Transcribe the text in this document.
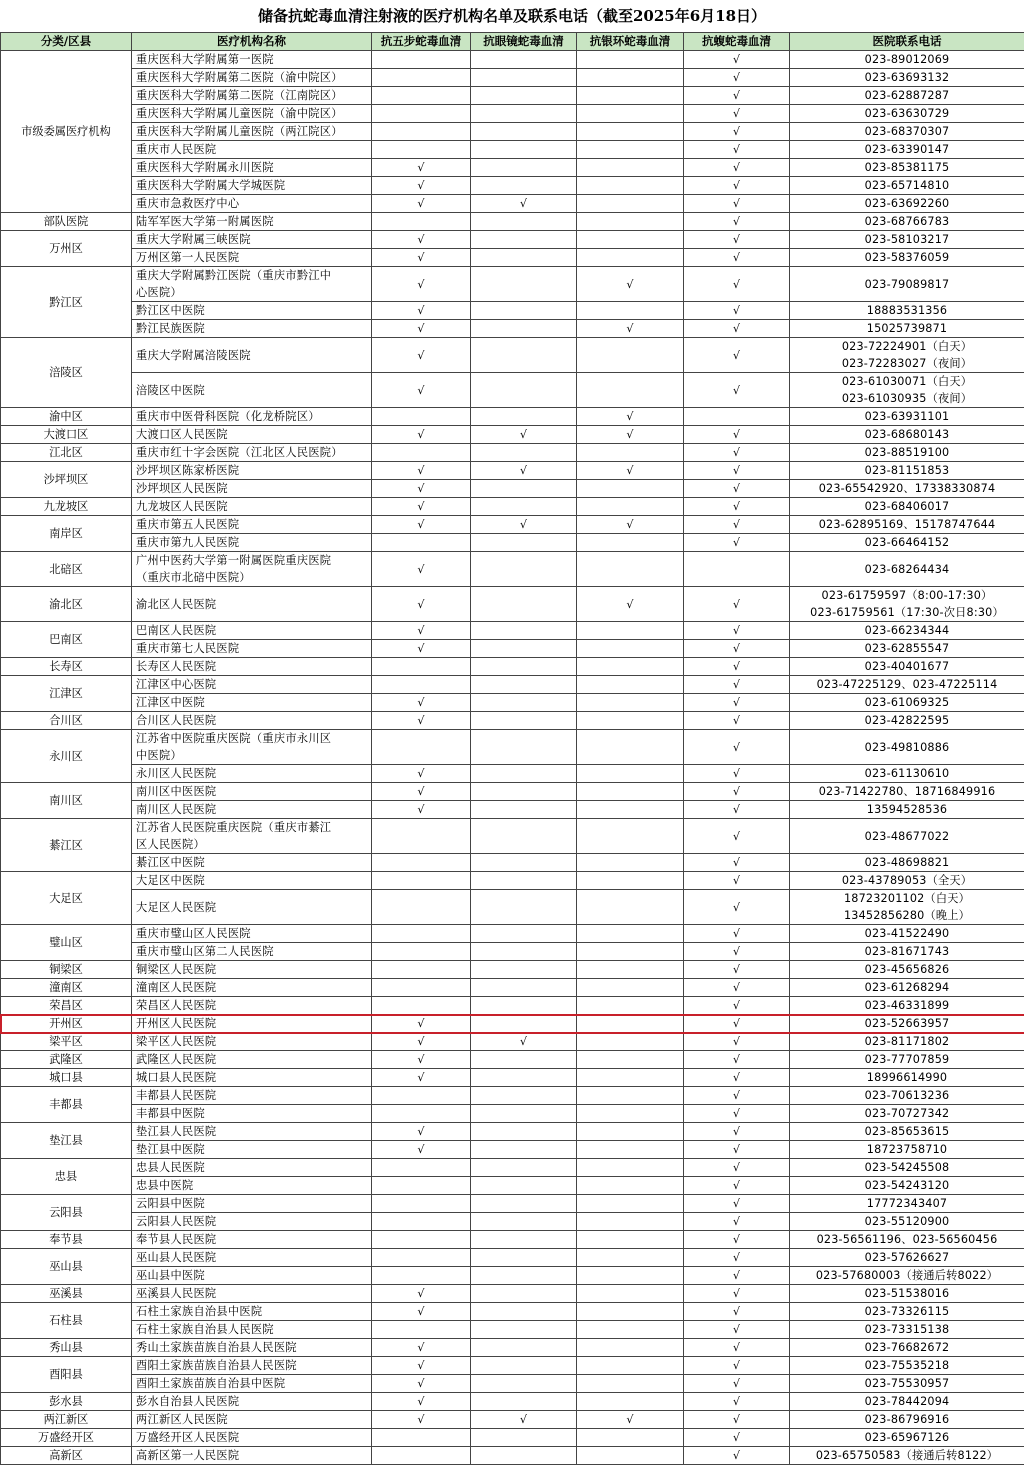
储备抗蛇毒血清注射液的医疗机构名单及联系电话（截至2025年6月18日）
分类/区县	医疗机构名称	抗五步蛇毒血清	抗眼镜蛇毒血清	抗银环蛇毒血清	抗蝮蛇毒血清	医院联系电话
市级委属医疗机构	重庆医科大学附属第一医院				√	023-89012069

	重庆医科大学附属第二医院（渝中院区）				√	023-63693132

	重庆医科大学附属第二医院（江南院区）				√	023-62887287

	重庆医科大学附属儿童医院（渝中院区）				√	023-63630729

	重庆医科大学附属儿童医院（两江院区）				√	023-68370307

	重庆市人民医院				√	023-63390147

	重庆医科大学附属永川医院	√			√	023-85381175

	重庆医科大学附属大学城医院	√			√	023-65714810

	重庆市急救医疗中心	√	√		√	023-63692260

部队医院	陆军军医大学第一附属医院				√	023-68766783

万州区	重庆大学附属三峡医院	√			√	023-58103217

	万州区第一人民医院	√			√	023-58376059

黔江区	重庆大学附属黔江医院（重庆市黔江中
心医院）	√		√	√	023-79089817

	黔江区中医院	√			√	18883531356

	黔江民族医院	√		√	√	15025739871

涪陵区	重庆大学附属涪陵医院	√			√	023-72224901（白天）
023-72283027（夜间）

	涪陵区中医院	√			√	023-61030071（白天）
023-61030935（夜间）

渝中区	重庆市中医骨科医院（化龙桥院区）			√		023-63931101

大渡口区	大渡口区人民医院	√	√	√	√	023-68680143

江北区	重庆市红十字会医院（江北区人民医院）				√	023-88519100

沙坪坝区	沙坪坝区陈家桥医院	√	√	√	√	023-81151853

	沙坪坝区人民医院	√			√	023-65542920、17338330874

九龙坡区	九龙坡区人民医院	√			√	023-68406017

南岸区	重庆市第五人民医院	√	√	√	√	023-62895169、15178747644

	重庆市第九人民医院				√	023-66464152

北碚区	广州中医药大学第一附属医院重庆医院
（重庆市北碚中医院）	√				023-68264434

渝北区	渝北区人民医院	√		√	√	023-61759597（8:00-17:30）
023-61759561（17:30-次日8:30）

巴南区	巴南区人民医院	√			√	023-66234344

	重庆市第七人民医院	√			√	023-62855547

长寿区	长寿区人民医院				√	023-40401677

江津区	江津区中心医院				√	023-47225129、023-47225114

	江津区中医院	√			√	023-61069325

合川区	合川区人民医院	√			√	023-42822595

永川区	江苏省中医院重庆医院（重庆市永川区
中医院）				√	023-49810886

	永川区人民医院	√			√	023-61130610

南川区	南川区中医医院	√			√	023-71422780、18716849916

	南川区人民医院	√			√	13594528536

綦江区	江苏省人民医院重庆医院（重庆市綦江
区人民医院）				√	023-48677022

	綦江区中医院				√	023-48698821

大足区	大足区中医院				√	023-43789053（全天）

	大足区人民医院				√	18723201102（白天）
13452856280（晚上）

璧山区	重庆市璧山区人民医院				√	023-41522490

	重庆市璧山区第二人民医院				√	023-81671743

铜梁区	铜梁区人民医院				√	023-45656826

潼南区	潼南区人民医院				√	023-61268294

荣昌区	荣昌区人民医院				√	023-46331899

开州区	开州区人民医院	√			√	023-52663957

梁平区	梁平区人民医院	√	√		√	023-81171802

武隆区	武隆区人民医院	√			√	023-77707859

城口县	城口县人民医院	√			√	18996614990

丰都县	丰都县人民医院				√	023-70613236

	丰都县中医院				√	023-70727342

垫江县	垫江县人民医院	√			√	023-85653615

	垫江县中医院	√			√	18723758710

忠县	忠县人民医院				√	023-54245508

	忠县中医院				√	023-54243120

云阳县	云阳县中医院				√	17772343407

	云阳县人民医院				√	023-55120900

奉节县	奉节县人民医院				√	023-56561196、023-56560456

巫山县	巫山县人民医院				√	023-57626627

	巫山县中医院				√	023-57680003（接通后转8022）

巫溪县	巫溪县人民医院	√			√	023-51538016

石柱县	石柱土家族自治县中医院	√			√	023-73326115

	石柱土家族自治县人民医院				√	023-73315138

秀山县	秀山土家族苗族自治县人民医院	√			√	023-76682672

酉阳县	酉阳土家族苗族自治县人民医院	√			√	023-75535218

	酉阳土家族苗族自治县中医院	√			√	023-75530957

彭水县	彭水自治县人民医院	√			√	023-78442094

两江新区	两江新区人民医院	√	√	√	√	023-86796916

万盛经开区	万盛经开区人民医院				√	023-65967126

高新区	高新区第一人民医院				√	023-65750583（接通后转8122）
